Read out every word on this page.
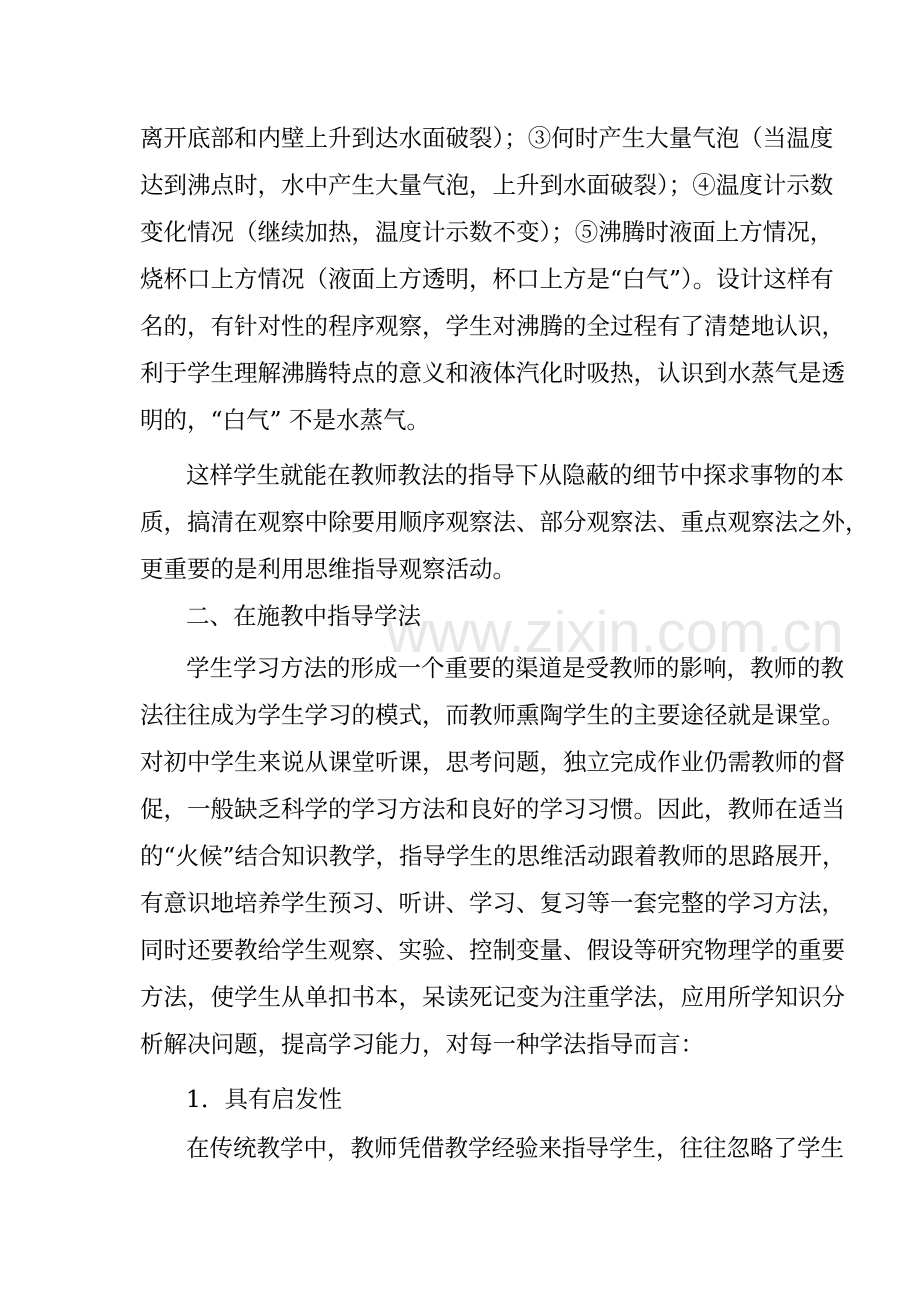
离开底部和内壁上升到达水面破裂）；③何时产生大量气泡（当温度
达到沸点时，水中产生大量气泡，上升到水面破裂）；④温度计示数
变化情况（继续加热，温度计示数不变）；⑤沸腾时液面上方情况，
烧杯口上方情况（液面上方透明，杯口上方是“白气”）。设计这样有
名的，有针对性的程序观察，学生对沸腾的全过程有了清楚地认识，
利于学生理解沸腾特点的意义和液体汽化时吸热，认识到水蒸气是透
明的，“白气” 不是水蒸气。
这样学生就能在教师教法的指导下从隐蔽的细节中探求事物的本
质，搞清在观察中除要用顺序观察法、部分观察法、重点观察法之外，
更重要的是利用思维指导观察活动。
二、在施教中指导学法
学生学习方法的形成一个重要的渠道是受教师的影响，教师的教
法往往成为学生学习的模式，而教师熏陶学生的主要途径就是课堂。
对初中学生来说从课堂听课，思考问题，独立完成作业仍需教师的督
促，一般缺乏科学的学习方法和良好的学习习惯。因此，教师在适当
的“火候”结合知识教学，指导学生的思维活动跟着教师的思路展开，
有意识地培养学生预习、听讲、学习、复习等一套完整的学习方法，
同时还要教给学生观察、实验、控制变量、假设等研究物理学的重要
方法，使学生从单扣书本，呆读死记变为注重学法，应用所学知识分
析解决问题，提高学习能力，对每一种学法指导而言：
1．具有启发性
在传统教学中，教师凭借教学经验来指导学生，往往忽略了学生
www.zixin.com.cn
